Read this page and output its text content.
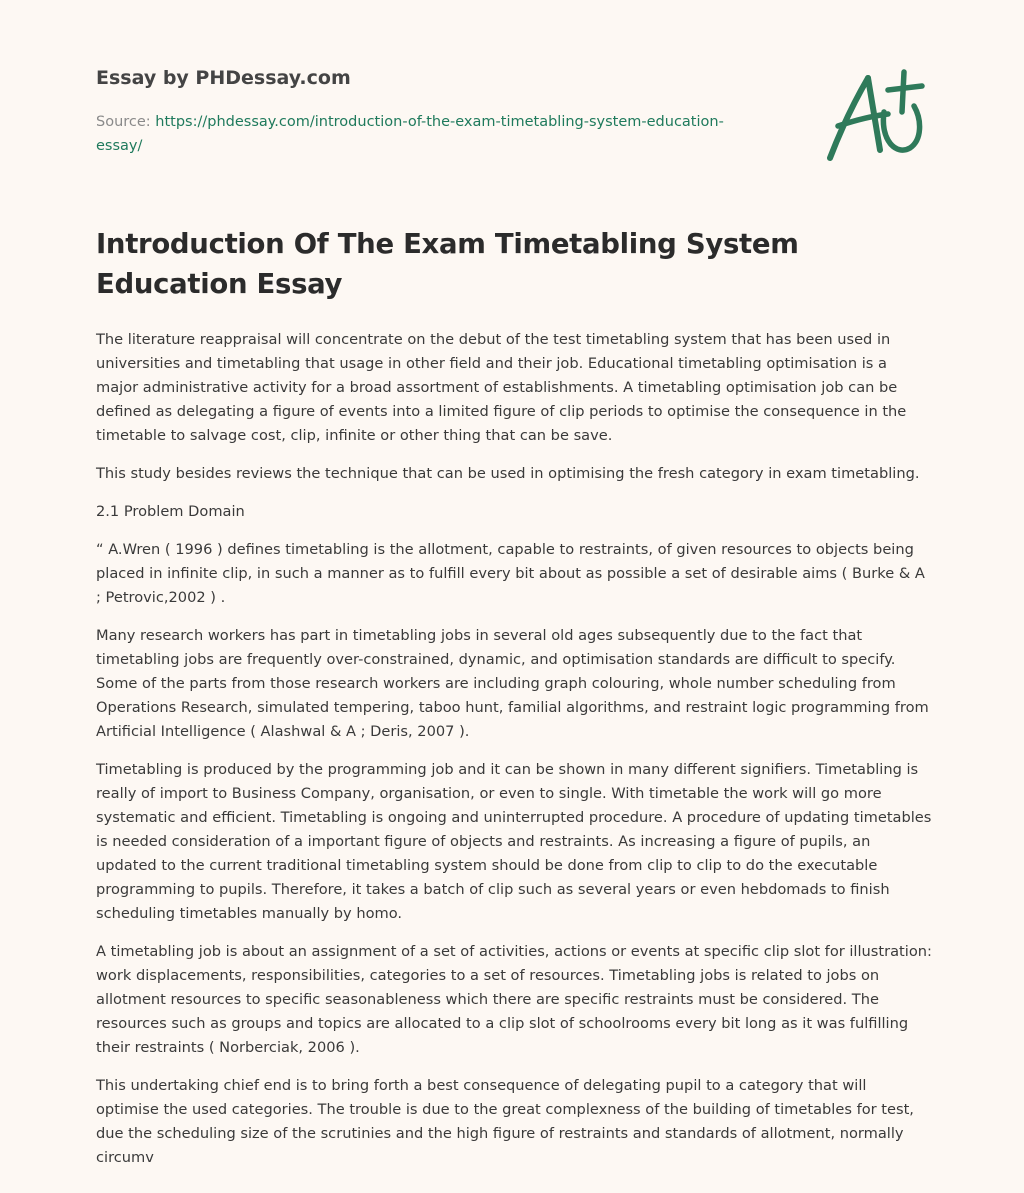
Essay by PHDessay.com
Source: https://phdessay.com/introduction-of-the-exam-timetabling-system-education-essay/
Introduction Of The Exam Timetabling System Education Essay

The literature reappraisal will concentrate on the debut of the test timetabling system that has been used in universities and timetabling that usage in other field and their job. Educational timetabling optimisation is a major administrative activity for a broad assortment of establishments. A timetabling optimisation job can be defined as delegating a figure of events into a limited figure of clip periods to optimise the consequence in the timetable to salvage cost, clip, infinite or other thing that can be save.

This study besides reviews the technique that can be used in optimising the fresh category in exam timetabling.

2.1 Problem Domain

“ A.Wren ( 1996 ) defines timetabling is the allotment, capable to restraints, of given resources to objects being placed in infinite clip, in such a manner as to fulfill every bit about as possible a set of desirable aims ( Burke & A ; Petrovic,2002 ) .

Many research workers has part in timetabling jobs in several old ages subsequently due to the fact that timetabling jobs are frequently over-constrained, dynamic, and optimisation standards are difficult to specify. Some of the parts from those research workers are including graph colouring, whole number scheduling from Operations Research, simulated tempering, taboo hunt, familial algorithms, and restraint logic programming from Artificial Intelligence ( Alashwal & A ; Deris, 2007 ).

Timetabling is produced by the programming job and it can be shown in many different signifiers. Timetabling is really of import to Business Company, organisation, or even to single. With timetable the work will go more systematic and efficient. Timetabling is ongoing and uninterrupted procedure. A procedure of updating timetables is needed consideration of a important figure of objects and restraints. As increasing a figure of pupils, an updated to the current traditional timetabling system should be done from clip to clip to do the executable programming to pupils. Therefore, it takes a batch of clip such as several years or even hebdomads to finish scheduling timetables manually by homo.

A timetabling job is about an assignment of a set of activities, actions or events at specific clip slot for illustration: work displacements, responsibilities, categories to a set of resources. Timetabling jobs is related to jobs on allotment resources to specific seasonableness which there are specific restraints must be considered. The resources such as groups and topics are allocated to a clip slot of schoolrooms every bit long as it was fulfilling their restraints ( Norberciak, 2006 ).

This undertaking chief end is to bring forth a best consequence of delegating pupil to a category that will optimise the used categories. The trouble is due to the great complexness of the building of timetables for test, due the scheduling size of the scrutinies and the high figure of restraints and standards of allotment, normally circumv
